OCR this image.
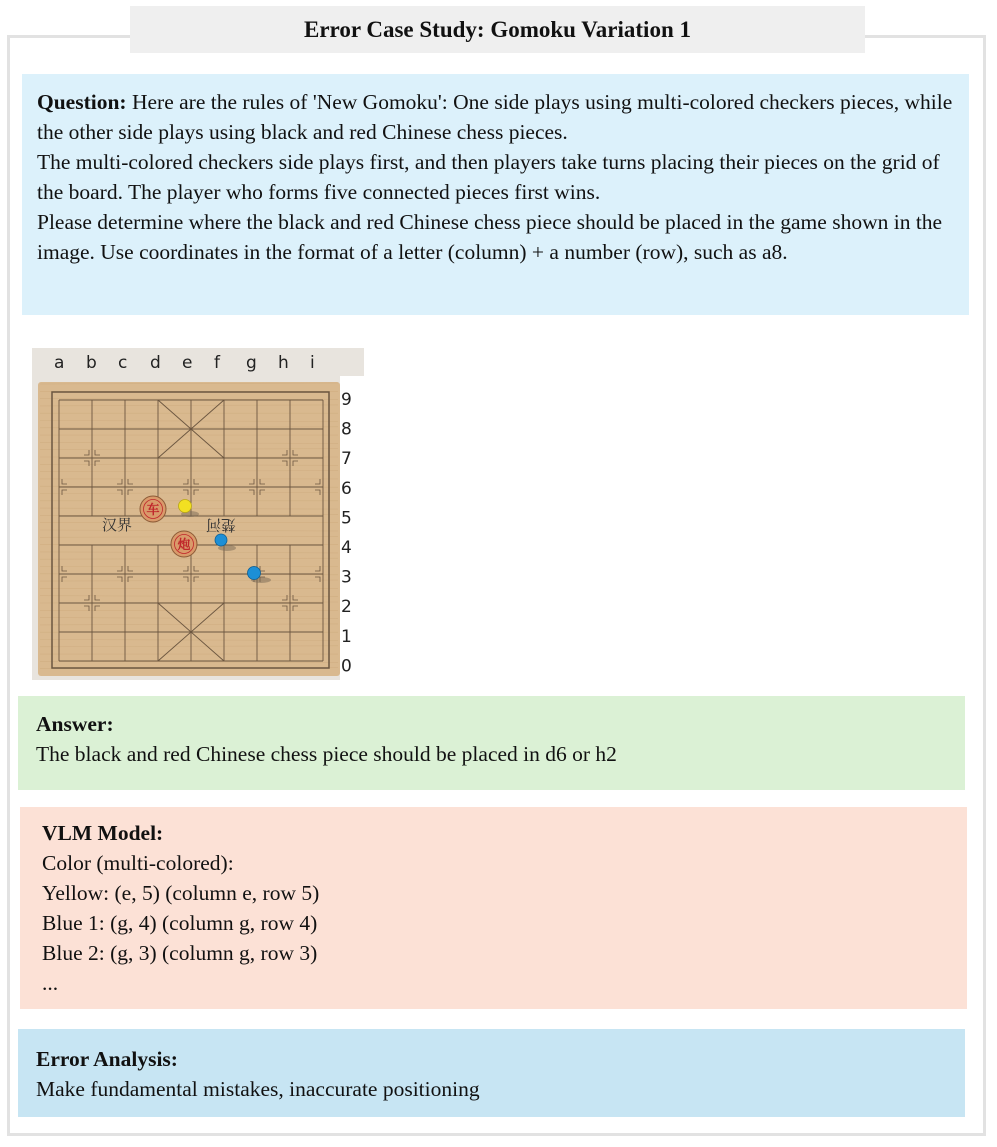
Error Case Study: Gomoku Variation 1

Question: Here are the rules of 'New Gomoku': One side plays using multi-colored checkers pieces, while the other side plays using black and red Chinese chess pieces.

The multi-colored checkers side plays first, and then players take turns placing their pieces on the grid of the board. The player who forms five connected pieces first wins.

Please determine where the black and red Chinese chess piece should be placed in the game shown in the image. Use coordinates in the format of a letter (column) + a number (row), such as a8.

汉界	楚河
a b c d e f g h i
9
8
7
6
5
4
3
2
1
0
车
炮
Answer:
The black and red Chinese chess piece should be placed in d6 or h2
VLM Model:
Color (multi-colored):
Yellow: (e, 5) (column e, row 5)
Blue 1: (g, 4) (column g, row 4)
Blue 2: (g, 3) (column g, row 3)
...
Error Analysis:
Make fundamental mistakes, inaccurate positioning
